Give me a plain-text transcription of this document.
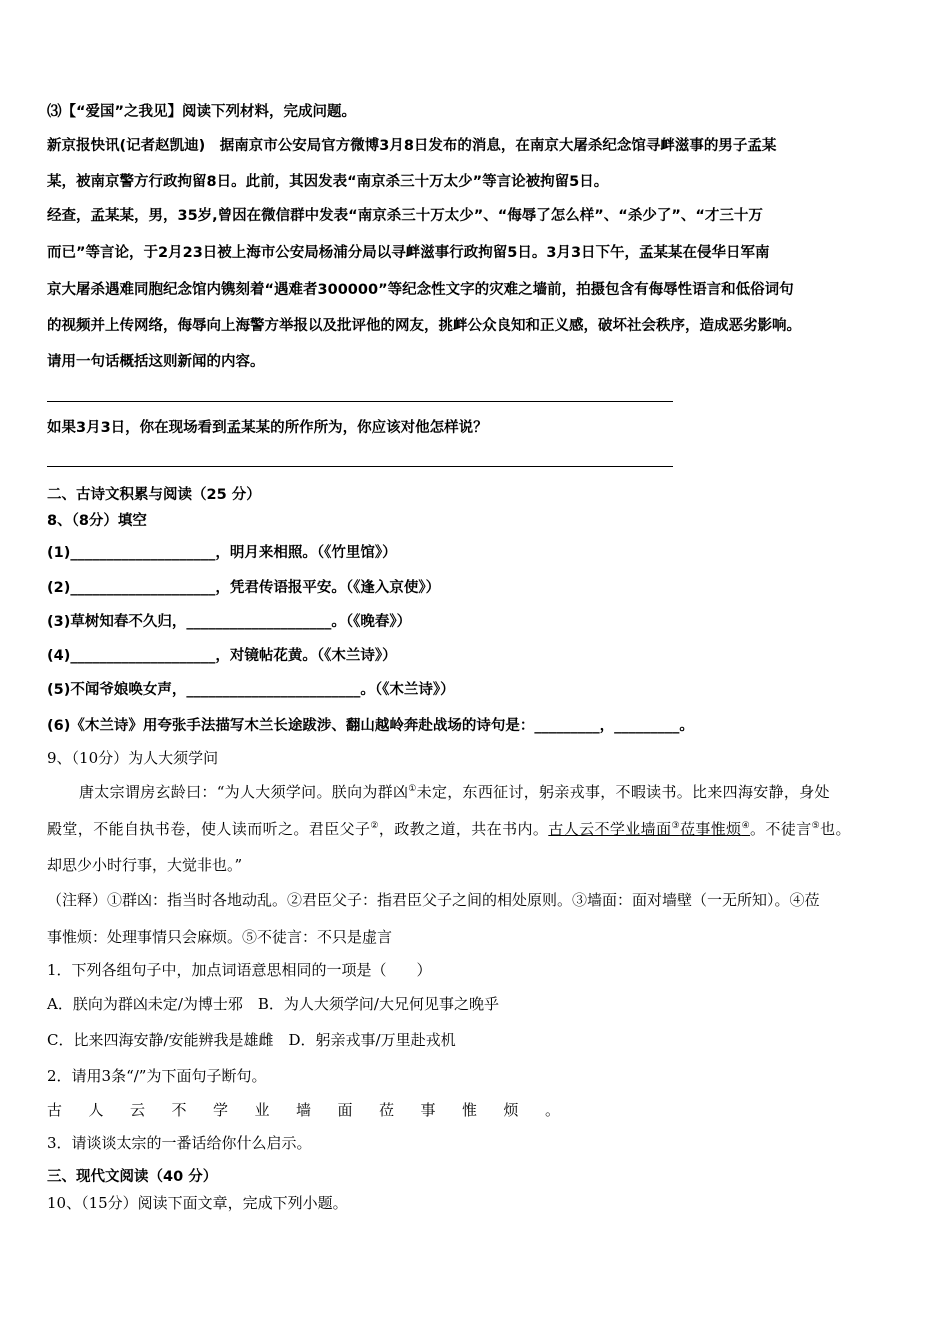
⑶【“爱国”之我见】阅读下列材料，完成问题。
新京报快讯(记者赵凯迪)　据南京市公安局官方微博3月8日发布的消息，在南京大屠杀纪念馆寻衅滋事的男子孟某
某，被南京警方行政拘留8日。此前，其因发表“南京杀三十万太少”等言论被拘留5日。
经查，孟某某，男，35岁,曾因在微信群中发表“南京杀三十万太少”、“侮辱了怎么样”、“杀少了”、“才三十万
而已”等言论，于2月23日被上海市公安局杨浦分局以寻衅滋事行政拘留5日。3月3日下午，孟某某在侵华日军南
京大屠杀遇难同胞纪念馆内镌刻着“遇难者300000”等纪念性文字的灾难之墙前，拍摄包含有侮辱性语言和低俗词句
的视频并上传网络，侮辱向上海警方举报以及批评他的网友，挑衅公众良知和正义感，破坏社会秩序，造成恶劣影响。
请用一句话概括这则新闻的内容。
如果3月3日，你在现场看到孟某某的所作所为，你应该对他怎样说？
二、古诗文积累与阅读（25 分）
8、（8分）填空
(1)____________________，明月来相照。（《竹里馆》）
(2)____________________，凭君传语报平安。（《逢入京使》）
(3)草树知春不久归，____________________。（《晚春》）
(4)____________________，对镜帖花黄。（《木兰诗》）
(5)不闻爷娘唤女声，________________________。（《木兰诗》）
(6)《木兰诗》用夸张手法描写木兰长途跋涉、翻山越岭奔赴战场的诗句是：_________，_________。
9、（10分）为人大须学问
唐太宗谓房玄龄曰：“为人大须学问。朕向为群凶①未定，东西征讨，躬亲戎事，不暇读书。比来四海安静，身处
殿堂，不能自执书卷，使人读而听之。君臣父子②，政教之道，共在书内。古人云不学业墙面③莅事惟烦④。不徒言⑤也。
却思少小时行事，大觉非也。”
（注释）①群凶：指当时各地动乱。②君臣父子：指君臣父子之间的相处原则。③墙面：面对墙壁（一无所知）。④莅
事惟烦：处理事情只会麻烦。⑤不徒言：不只是虚言
1．下列各组句子中，加点词语意思相同的一项是（　　）
A．朕向为群凶未定/为博士邪　B．为人大须学问/大兄何见事之晚乎
C．比来四海安静/安能辨我是雄雌　D．躬亲戎事/万里赴戎机
2．请用3条“/”为下面句子断句。
古人云不学业墙面莅事惟烦。
3．请谈谈太宗的一番话给你什么启示。
三、现代文阅读（40 分）
10、（15分）阅读下面文章，完成下列小题。
